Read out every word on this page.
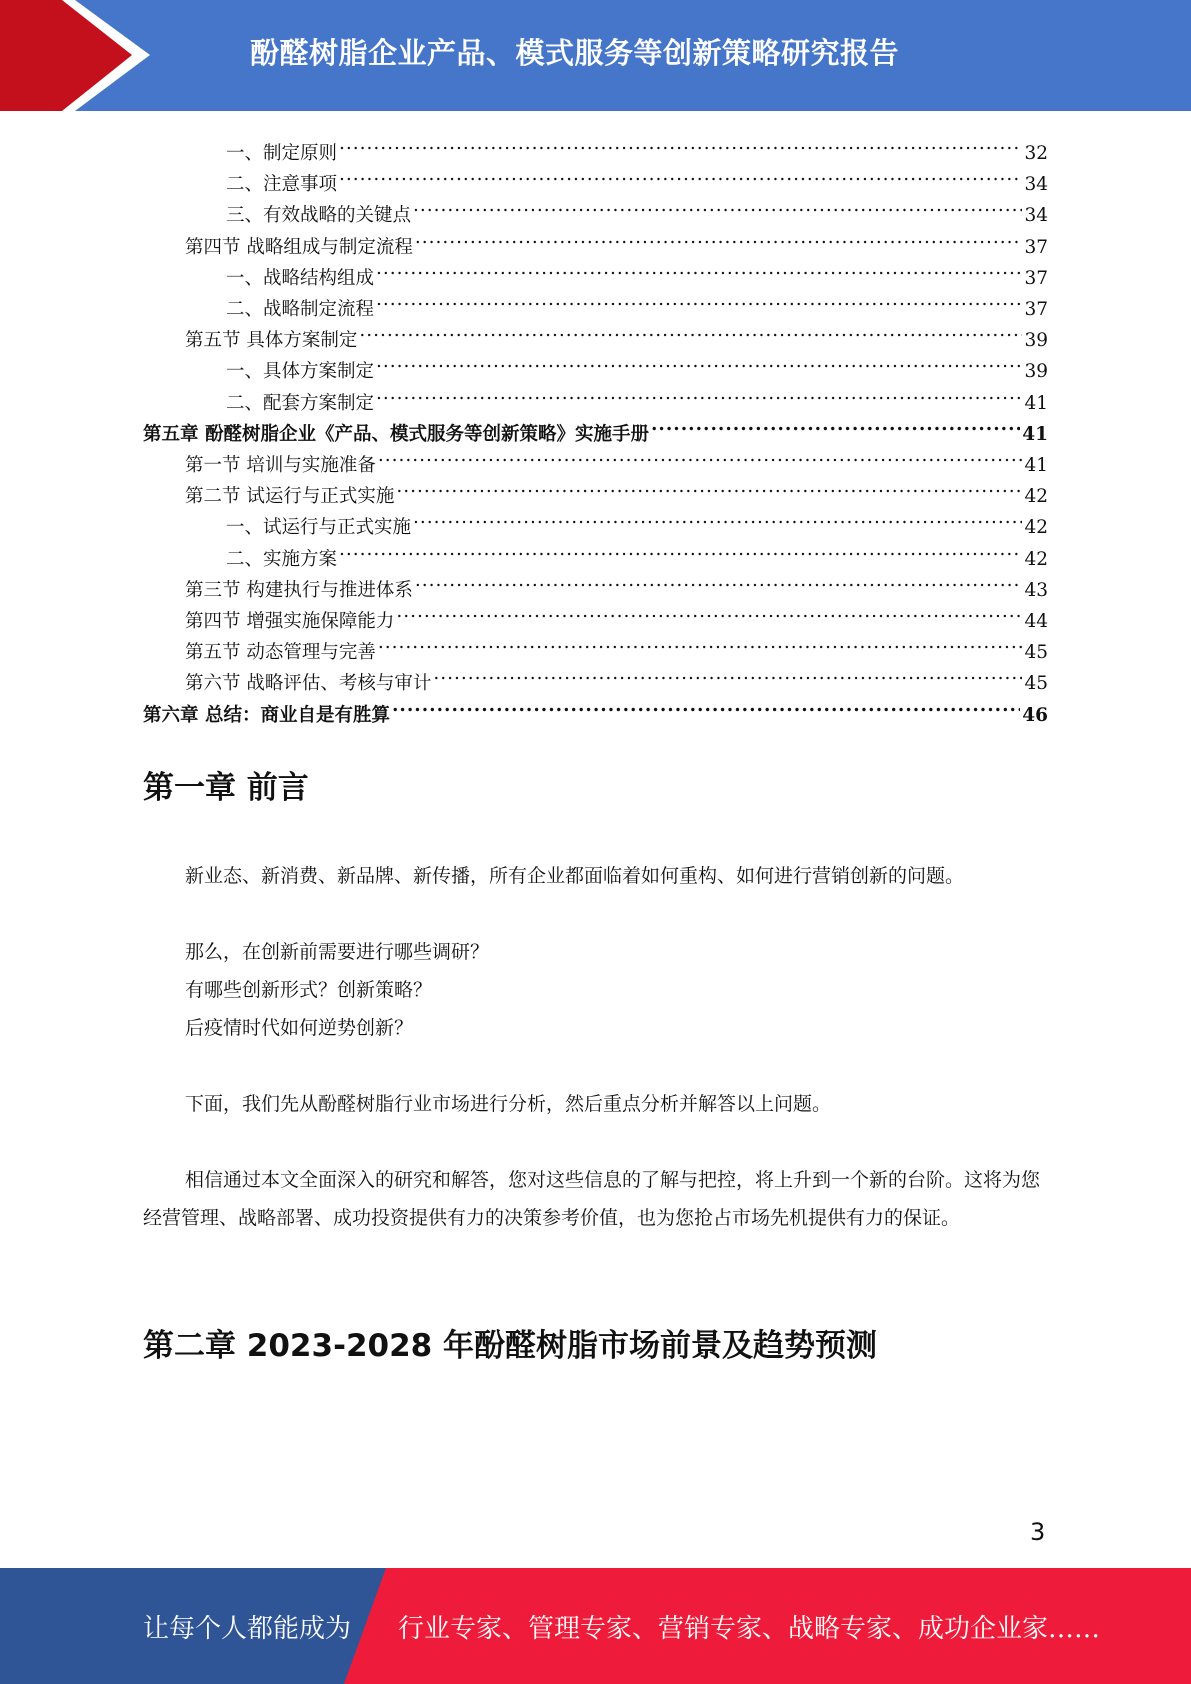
酚醛树脂企业产品、模式服务等创新策略研究报告
一、制定原则 .....	32
二、注意事项 .....	34
三、有效战略的关键点 .....	34
第四节 战略组成与制定流程 .....	37
一、战略结构组成 .....	37
二、战略制定流程 .....	37
第五节 具体方案制定 .....	39
一、具体方案制定 .....	39
二、配套方案制定 .....	41
第五章 酚醛树脂企业《产品、模式服务等创新策略》实施手册 .....	41
第一节 培训与实施准备 .....	41
第二节 试运行与正式实施 .....	42
一、试运行与正式实施 .....	42
二、实施方案 .....	42
第三节 构建执行与推进体系 .....	43
第四节 增强实施保障能力 .....	44
第五节 动态管理与完善 .....	45
第六节 战略评估、考核与审计 .....	45
第六章 总结：商业自是有胜算 .....	46
第一章 前言
新业态、新消费、新品牌、新传播，所有企业都面临着如何重构、如何进行营销创新的问题。
那么，在创新前需要进行哪些调研？
有哪些创新形式？创新策略？
后疫情时代如何逆势创新？
下面，我们先从酚醛树脂行业市场进行分析，然后重点分析并解答以上问题。
相信通过本文全面深入的研究和解答，您对这些信息的了解与把控，将上升到一个新的台阶。这将为您经营管理、战略部署、成功投资提供有力的决策参考价值，也为您抢占市场先机提供有力的保证。
第二章 2023-2028 年酚醛树脂市场前景及趋势预测
3
让每个人都能成为 行业专家、管理专家、营销专家、战略专家、成功企业家……
